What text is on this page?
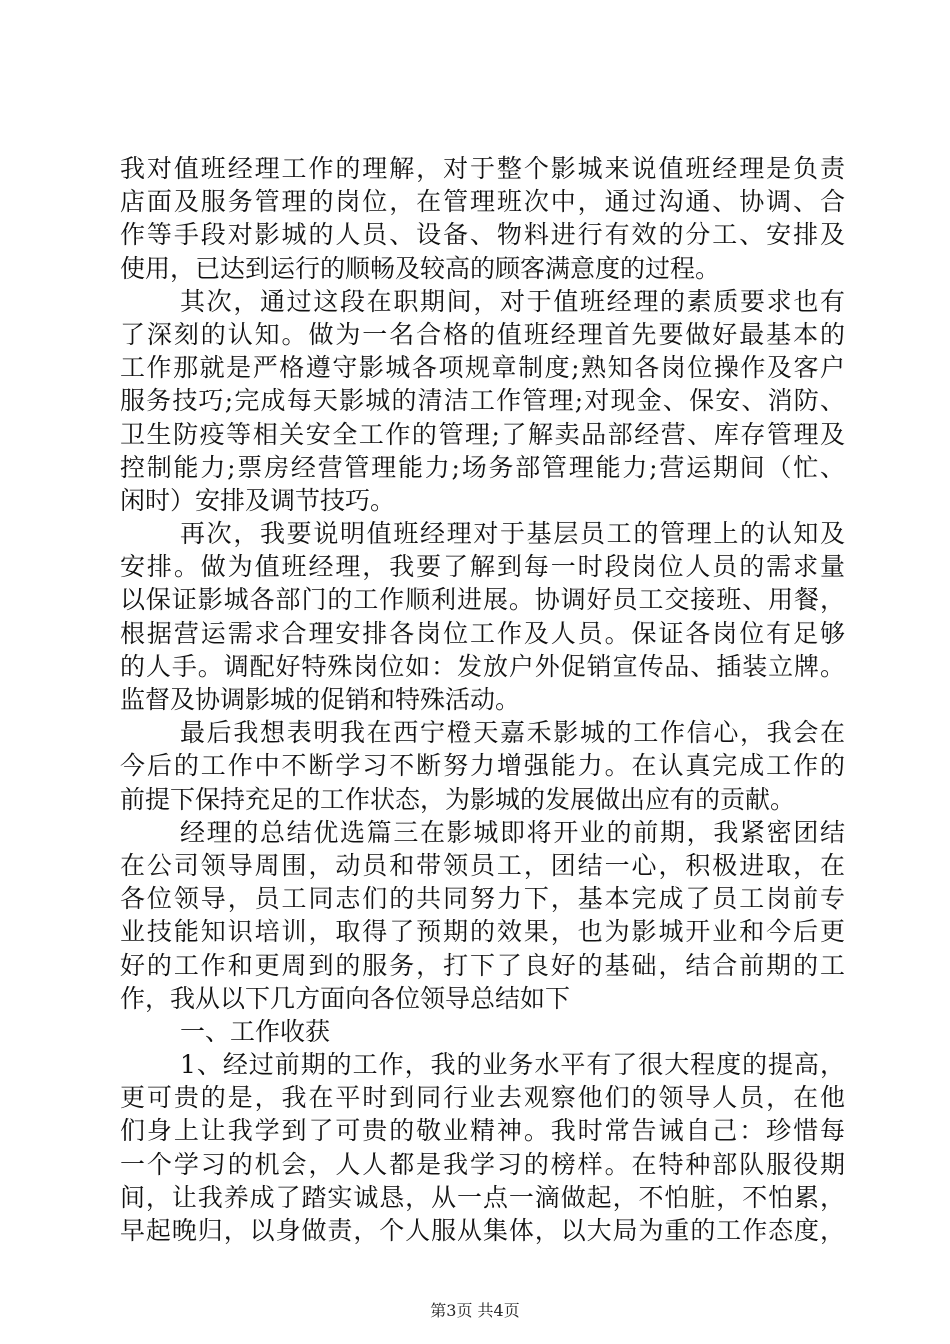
我对值班经理工作的理解，对于整个影城来说值班经理是负责
店面及服务管理的岗位，在管理班次中，通过沟通、协调、合
作等手段对影城的人员、设备、物料进行有效的分工、安排及
使用，已达到运行的顺畅及较高的顾客满意度的过程。
其次，通过这段在职期间，对于值班经理的素质要求也有
了深刻的认知。做为一名合格的值班经理首先要做好最基本的
工作那就是严格遵守影城各项规章制度;熟知各岗位操作及客户
服务技巧;完成每天影城的清洁工作管理;对现金、保安、消防、
卫生防疫等相关安全工作的管理;了解卖品部经营、库存管理及
控制能力;票房经营管理能力;场务部管理能力;营运期间（忙、
闲时）安排及调节技巧。
再次，我要说明值班经理对于基层员工的管理上的认知及
安排。做为值班经理，我要了解到每一时段岗位人员的需求量
以保证影城各部门的工作顺利进展。协调好员工交接班、用餐，
根据营运需求合理安排各岗位工作及人员。保证各岗位有足够
的人手。调配好特殊岗位如：发放户外促销宣传品、插装立牌。
监督及协调影城的促销和特殊活动。
最后我想表明我在西宁橙天嘉禾影城的工作信心，我会在
今后的工作中不断学习不断努力增强能力。在认真完成工作的
前提下保持充足的工作状态，为影城的发展做出应有的贡献。
经理的总结优选篇三在影城即将开业的前期，我紧密团结
在公司领导周围，动员和带领员工，团结一心，积极进取，在
各位领导，员工同志们的共同努力下，基本完成了员工岗前专
业技能知识培训，取得了预期的效果，也为影城开业和今后更
好的工作和更周到的服务，打下了良好的基础，结合前期的工
作，我从以下几方面向各位领导总结如下
一、工作收获
1、经过前期的工作，我的业务水平有了很大程度的提高，
更可贵的是，我在平时到同行业去观察他们的领导人员，在他
们身上让我学到了可贵的敬业精神。我时常告诫自己：珍惜每
一个学习的机会，人人都是我学习的榜样。在特种部队服役期
间，让我养成了踏实诚恳，从一点一滴做起，不怕脏，不怕累，
早起晚归，以身做责，个人服从集体，以大局为重的工作态度，
第3页 共4页
